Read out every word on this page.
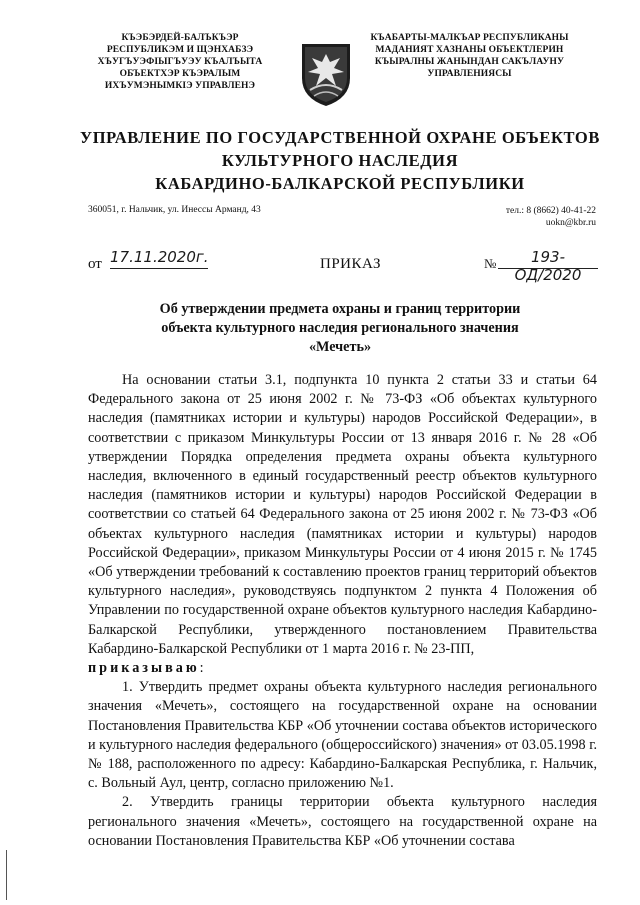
КЪЭБЭРДЕЙ-БАЛЪКЪЭР
РЕСПУБЛИКЭМ И ЩЭНХАБЗЭ
ХЪУГЪУЭФІЫГЪУЭУ КЪАЛЪЫТА
ОБЪЕКТХЭР КЪЭРАЛЫМ
ИХЪУМЭНЫМКІЭ УПРАВЛЕНЭ
КЪАБАРТЫ-МАЛКЪАР РЕСПУБЛИКАНЫ
МАДАНИЯТ ХАЗНАНЫ ОБЪЕКТЛЕРИН
КЪЫРАЛНЫ ЖАНЫНДАН САКЪЛАУНУ
УПРАВЛЕНИЯСЫ
УПРАВЛЕНИЕ ПО ГОСУДАРСТВЕННОЙ ОХРАНЕ ОБЪЕКТОВ
КУЛЬТУРНОГО НАСЛЕДИЯ
КАБАРДИНО-БАЛКАРСКОЙ РЕСПУБЛИКИ
360051, г. Нальчик, ул. Инессы Арманд, 43	тел.: 8 (8662) 40-41-22
uokn@kbr.ru
от 17.11.2020г.	ПРИКАЗ	№	193-ОД/2020
Об утверждении предмета охраны и границ территории
объекта культурного наследия регионального значения
«Мечеть»

На основании статьи 3.1, подпункта 10 пункта 2 статьи 33 и статьи 64 Федерального закона от 25 июня 2002 г. № 73-ФЗ «Об объектах культурного наследия (памятниках истории и культуры) народов Российской Федерации», в соответствии с приказом Минкультуры России от 13 января 2016 г. № 28 «Об утверждении Порядка определения предмета охраны объекта культурного наследия, включенного в единый государственный реестр объектов культурного наследия (памятников истории и культуры) народов Российской Федерации в соответствии со статьей 64 Федерального закона от 25 июня 2002 г. № 73-ФЗ «Об объектах культурного наследия (памятниках истории и культуры) народов Российской Федерации», приказом Минкультуры России от 4 июня 2015 г. № 1745 «Об утверждении требований к составлению проектов границ территорий объектов культурного наследия», руководствуясь подпунктом 2 пункта 4 Положения об Управлении по государственной охране объектов культурного наследия Кабардино-Балкарской Республики, утвержденного постановлением Правительства Кабардино-Балкарской Республики от 1 марта 2016 г. № 23-ПП,

приказываю:

1. Утвердить предмет охраны объекта культурного наследия регионального значения «Мечеть», состоящего на государственной охране на основании Постановления Правительства КБР «Об уточнении состава объектов исторического и культурного наследия федерального (общероссийского) значения» от 03.05.1998 г. № 188, расположенного по адресу: Кабардино-Балкарская Республика, г. Нальчик, с. Вольный Аул, центр, согласно приложению №1.

2. Утвердить границы территории объекта культурного наследия регионального значения «Мечеть», состоящего на государственной охране на основании Постановления Правительства КБР «Об уточнении состава
